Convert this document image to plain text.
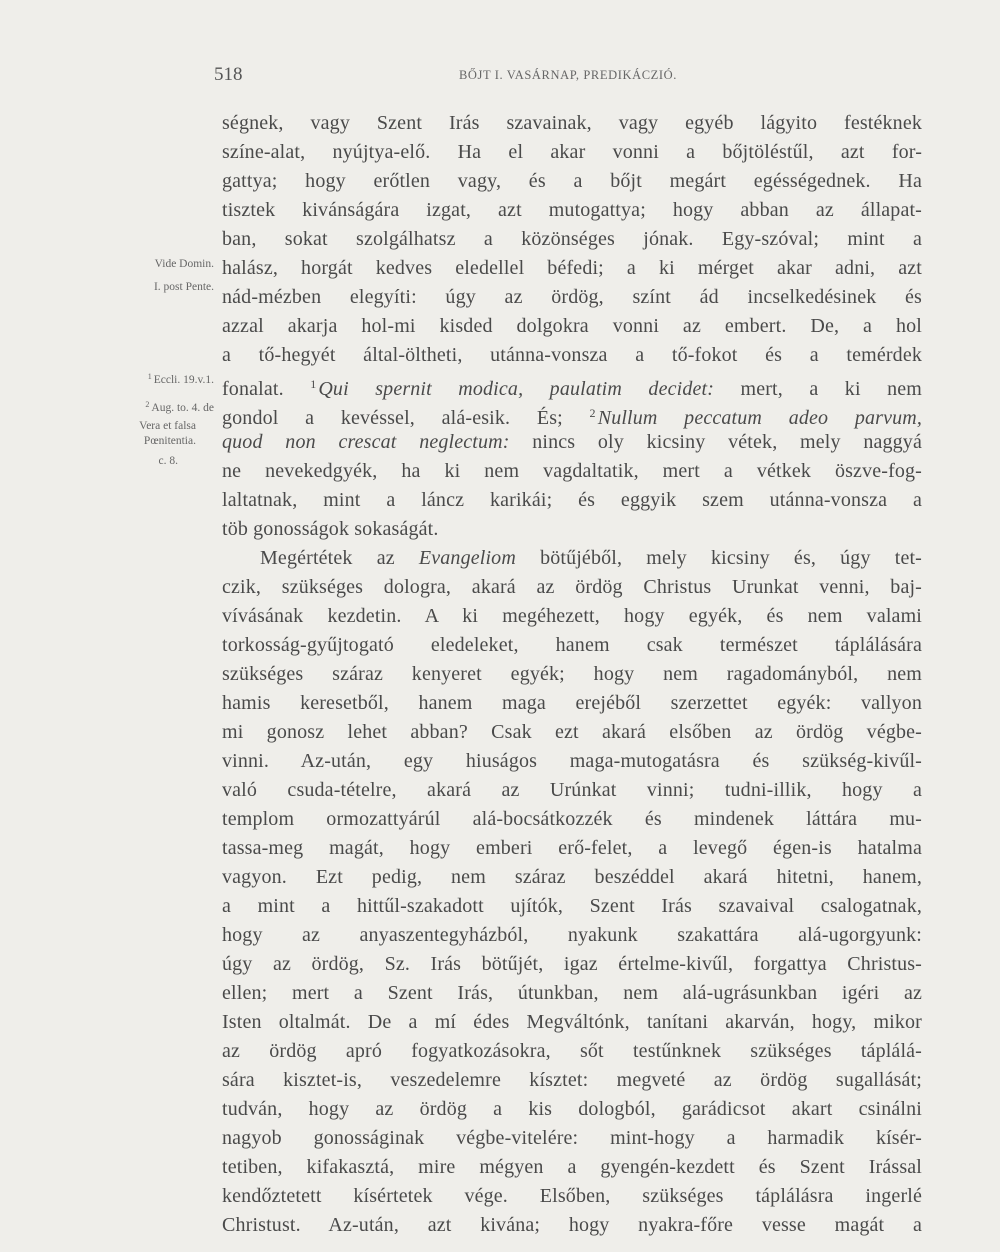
518	BŐJT I. VASÁRNAP, PREDIKÁCZIÓ.
Vide Domin.
I. post Pente.
$^1$ Eccli. 19.v.1.
$^2$ Aug. to. 4. de
Vera et falsa
Pœnitentia.
c. 8.
ségnek, vagy Szent Irás szavainak, vagy egyéb lágyito festéknek
színe-alat, nyújtya-elő. Ha el akar vonni a bőjtöléstűl, azt for-
gattya; hogy erőtlen vagy, és a bőjt megárt egésségednek. Ha
tisztek kivánságára izgat, azt mutogattya; hogy abban az állapat-
ban, sokat szolgálhatsz a közönséges jónak. Egy-szóval; mint a
halász, horgát kedves eledellel béfedi; a ki mérget akar adni, azt
nád-mézben elegyíti: úgy az ördög, színt ád incselkedésinek és
azzal akarja hol-mi kisded dolgokra vonni az embert. De, a hol
a tő-hegyét által-öltheti, utánna-vonsza a tő-fokot és a temérdek
fonalat. $^1$ Qui spernit modica, paulatim decidet: mert, a ki nem
gondol a kevéssel, alá-esik. És; $^2$ Nullum peccatum adeo parvum,
quod non crescat neglectum: nincs oly kicsiny vétek, mely naggyá
ne nevekedgyék, ha ki nem vagdaltatik, mert a vétkek öszve-fog-
laltatnak, mint a láncz karikái; és eggyik szem utánna-vonsza a
töb gonosságok sokaságát.
Megértétek az Evangeliom bötűjéből, mely kicsiny és, úgy tet-
czik, szükséges dologra, akará az ördög Christus Urunkat venni, baj-
vívásának kezdetin. A ki megéhezett, hogy egyék, és nem valami
torkosság-gyűjtogató eledeleket, hanem csak természet táplálására
szükséges száraz kenyeret egyék; hogy nem ragadományból, nem
hamis keresetből, hanem maga erejéből szerzettet egyék: vallyon
mi gonosz lehet abban? Csak ezt akará elsőben az ördög végbe-
vinni. Az-után, egy hiuságos maga-mutogatásra és szükség-kivűl-
való csuda-tételre, akará az Urúnkat vinni; tudni-illik, hogy a
templom ormozattyárúl alá-bocsátkozzék és mindenek láttára mu-
tassa-meg magát, hogy emberi erő-felet, a levegő égen-is hatalma
vagyon. Ezt pedig, nem száraz beszéddel akará hitetni, hanem,
a mint a hittűl-szakadott ujítók, Szent Irás szavaival csalogatnak,
hogy az anyaszentegyházból, nyakunk szakattára alá-ugorgyunk:
úgy az ördög, Sz. Irás bötűjét, igaz értelme-kivűl, forgattya Christus-
ellen; mert a Szent Irás, útunkban, nem alá-ugrásunkban igéri az
Isten oltalmát. De a mí édes Megváltónk, tanítani akarván, hogy, mikor
az ördög apró fogyatkozásokra, sőt testűnknek szükséges táplálá-
sára kisztet-is, veszedelemre kísztet: megveté az ördög sugallását;
tudván, hogy az ördög a kis dologból, garádicsot akart csinálni
nagyob gonosságinak végbe-vitelére: mint-hogy a harmadik kísér-
tetiben, kifakasztá, mire mégyen a gyengén-kezdett és Szent Irással
kendőztetett kísértetek vége. Elsőben, szükséges táplálásra ingerlé
Christust. Az-után, azt kivána; hogy nyakra-főre vesse magát a
